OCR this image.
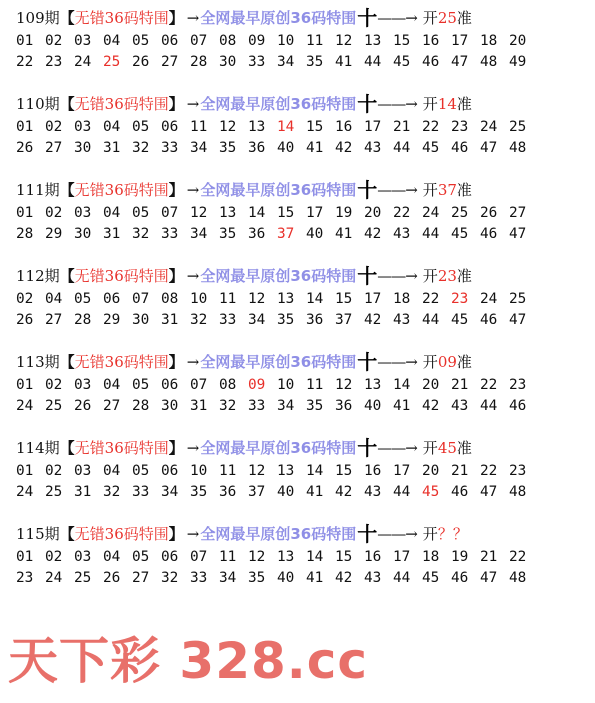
109期 【 无错36码特围 】 → 全网最早原创36码特围 十 ——→ 开 25 准
01 02 03 04 05 06 07 08 09 10 11 12 13 15 16 17 18 20
22 23 24 25 26 27 28 30 33 34 35 41 44 45 46 47 48 49
110期 【 无错36码特围 】 → 全网最早原创36码特围 十 ——→ 开 14 准
01 02 03 04 05 06 11 12 13 14 15 16 17 21 22 23 24 25
26 27 30 31 32 33 34 35 36 40 41 42 43 44 45 46 47 48
111期 【 无错36码特围 】 → 全网最早原创36码特围 十 ——→ 开 37 准
01 02 03 04 05 07 12 13 14 15 17 19 20 22 24 25 26 27
28 29 30 31 32 33 34 35 36 37 40 41 42 43 44 45 46 47
112期 【 无错36码特围 】 → 全网最早原创36码特围 十 ——→ 开 23 准
02 04 05 06 07 08 10 11 12 13 14 15 17 18 22 23 24 25
26 27 28 29 30 31 32 33 34 35 36 37 42 43 44 45 46 47
113期 【 无错36码特围 】 → 全网最早原创36码特围 十 ——→ 开 09 准
01 02 03 04 05 06 07 08 09 10 11 12 13 14 20 21 22 23
24 25 26 27 28 30 31 32 33 34 35 36 40 41 42 43 44 46
114期 【 无错36码特围 】 → 全网最早原创36码特围 十 ——→ 开 45 准
01 02 03 04 05 06 10 11 12 13 14 15 16 17 20 21 22 23
24 25 31 32 33 34 35 36 37 40 41 42 43 44 45 46 47 48
115期 【 无错36码特围 】 → 全网最早原创36码特围 十 ——→ 开 ？？
01 02 03 04 05 06 07 11 12 13 14 15 16 17 18 19 21 22
23 24 25 26 27 32 33 34 35 40 41 42 43 44 45 46 47 48
天下彩 328.cc
